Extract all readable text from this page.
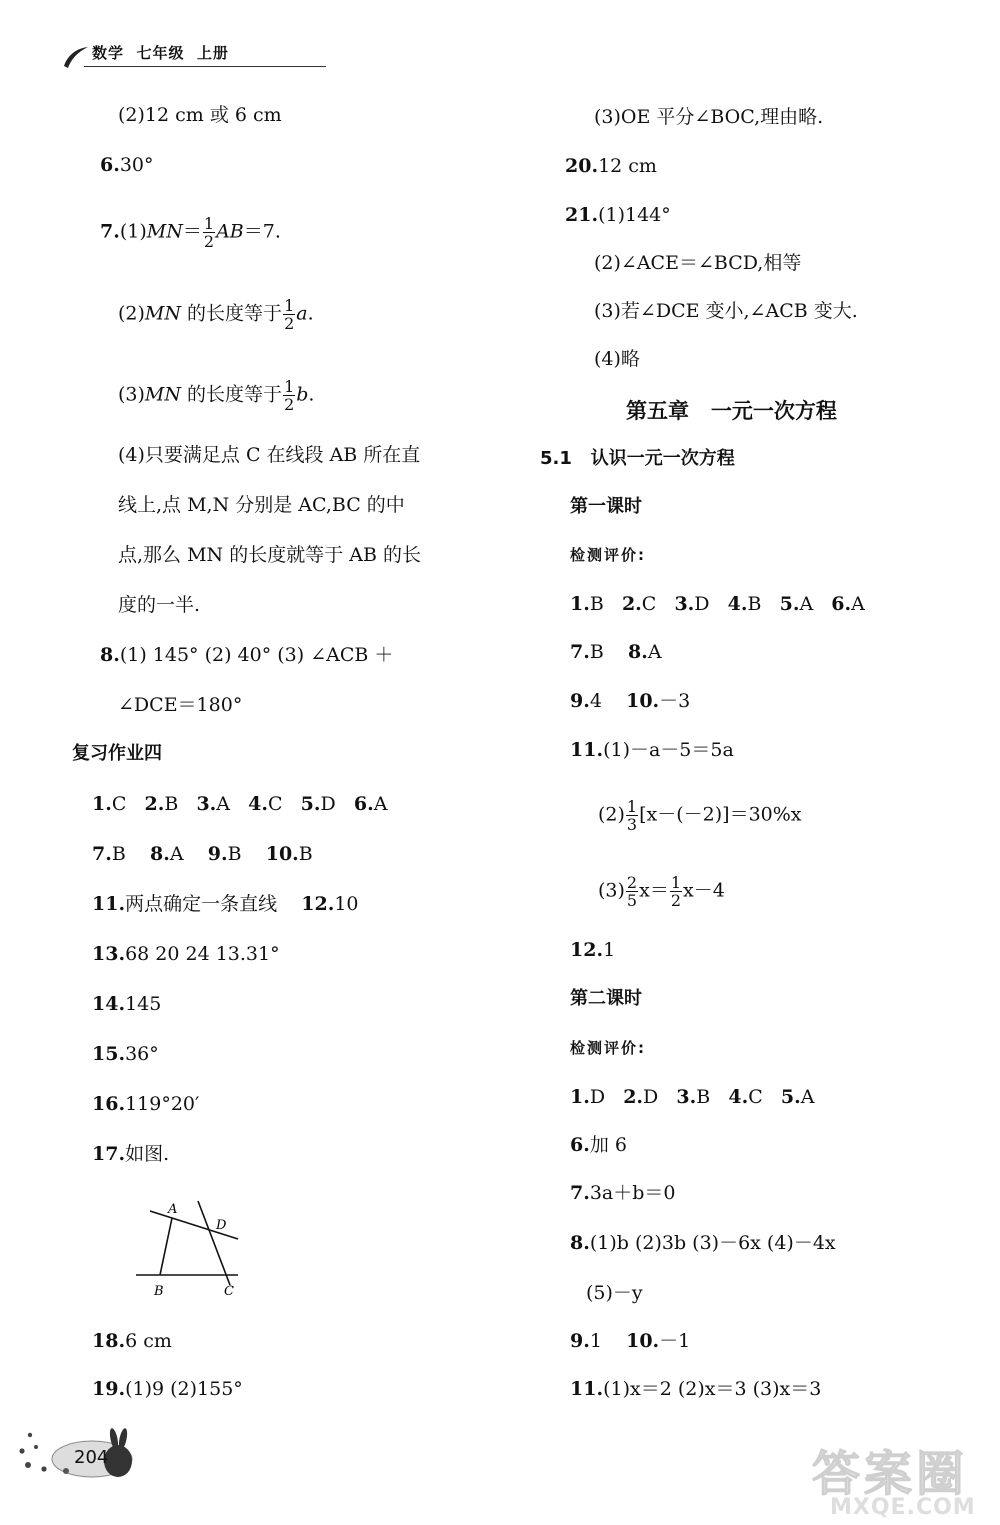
数学  七年级  上册
(2)12 cm 或 6 cm
6.30°
$7.(1)MN= \frac{1}{2} AB=7$.
(2)MN 的长度等于 $\frac{1}{2} a$.
(3)MN 的长度等于 $\frac{1}{2} b$.
(4)只要满足点 C 在线段 AB 所在直
线上,点 M,N 分别是 AC,BC 的中
点,那么 MN 的长度就等于 AB 的长
度的一半.
8.(1) 145° (2) 40° (3) ∠ACB ＋
∠DCE＝180°
复习作业四
1.C 2.B 3.A 4.C 5.D 6.A
7.B 8.A 9.B 10.B
11.两点确定一条直线 12.10
13.68 20 24 13.31°
14.145
15.36°
16.119°20′
17.如图.
A
D
B	C
18.6 cm
19.(1)9 (2)155°
(3)OE 平分∠BOC,理由略.
20.12 cm
21.(1)144°
(2)∠ACE＝∠BCD,相等
(3)若∠DCE 变小,∠ACB 变大.
(4)略
第五章   一元一次方程
5.1 认识一元一次方程
第一课时
检测评价:
1.B 2.C 3.D 4.B 5.A 6.A
7.B 8.A
9.4 10.－3
11.(1)－a－5＝5a
$(2) \frac{1}{3} [x-(-2)]=30\%x$
$(3) \frac{2}{5} x= \frac{1}{2} x-4$
12.1
第二课时
检测评价:
1.D 2.D 3.B 4.C 5.A
6.加 6
7.3a＋b＝0
8.(1)b (2)3b (3)－6x (4)－4x
(5)－y
9.1 10.－1
11.(1)x＝2 (2)x＝3 (3)x＝3
204	答案圈
MXQE.COM
